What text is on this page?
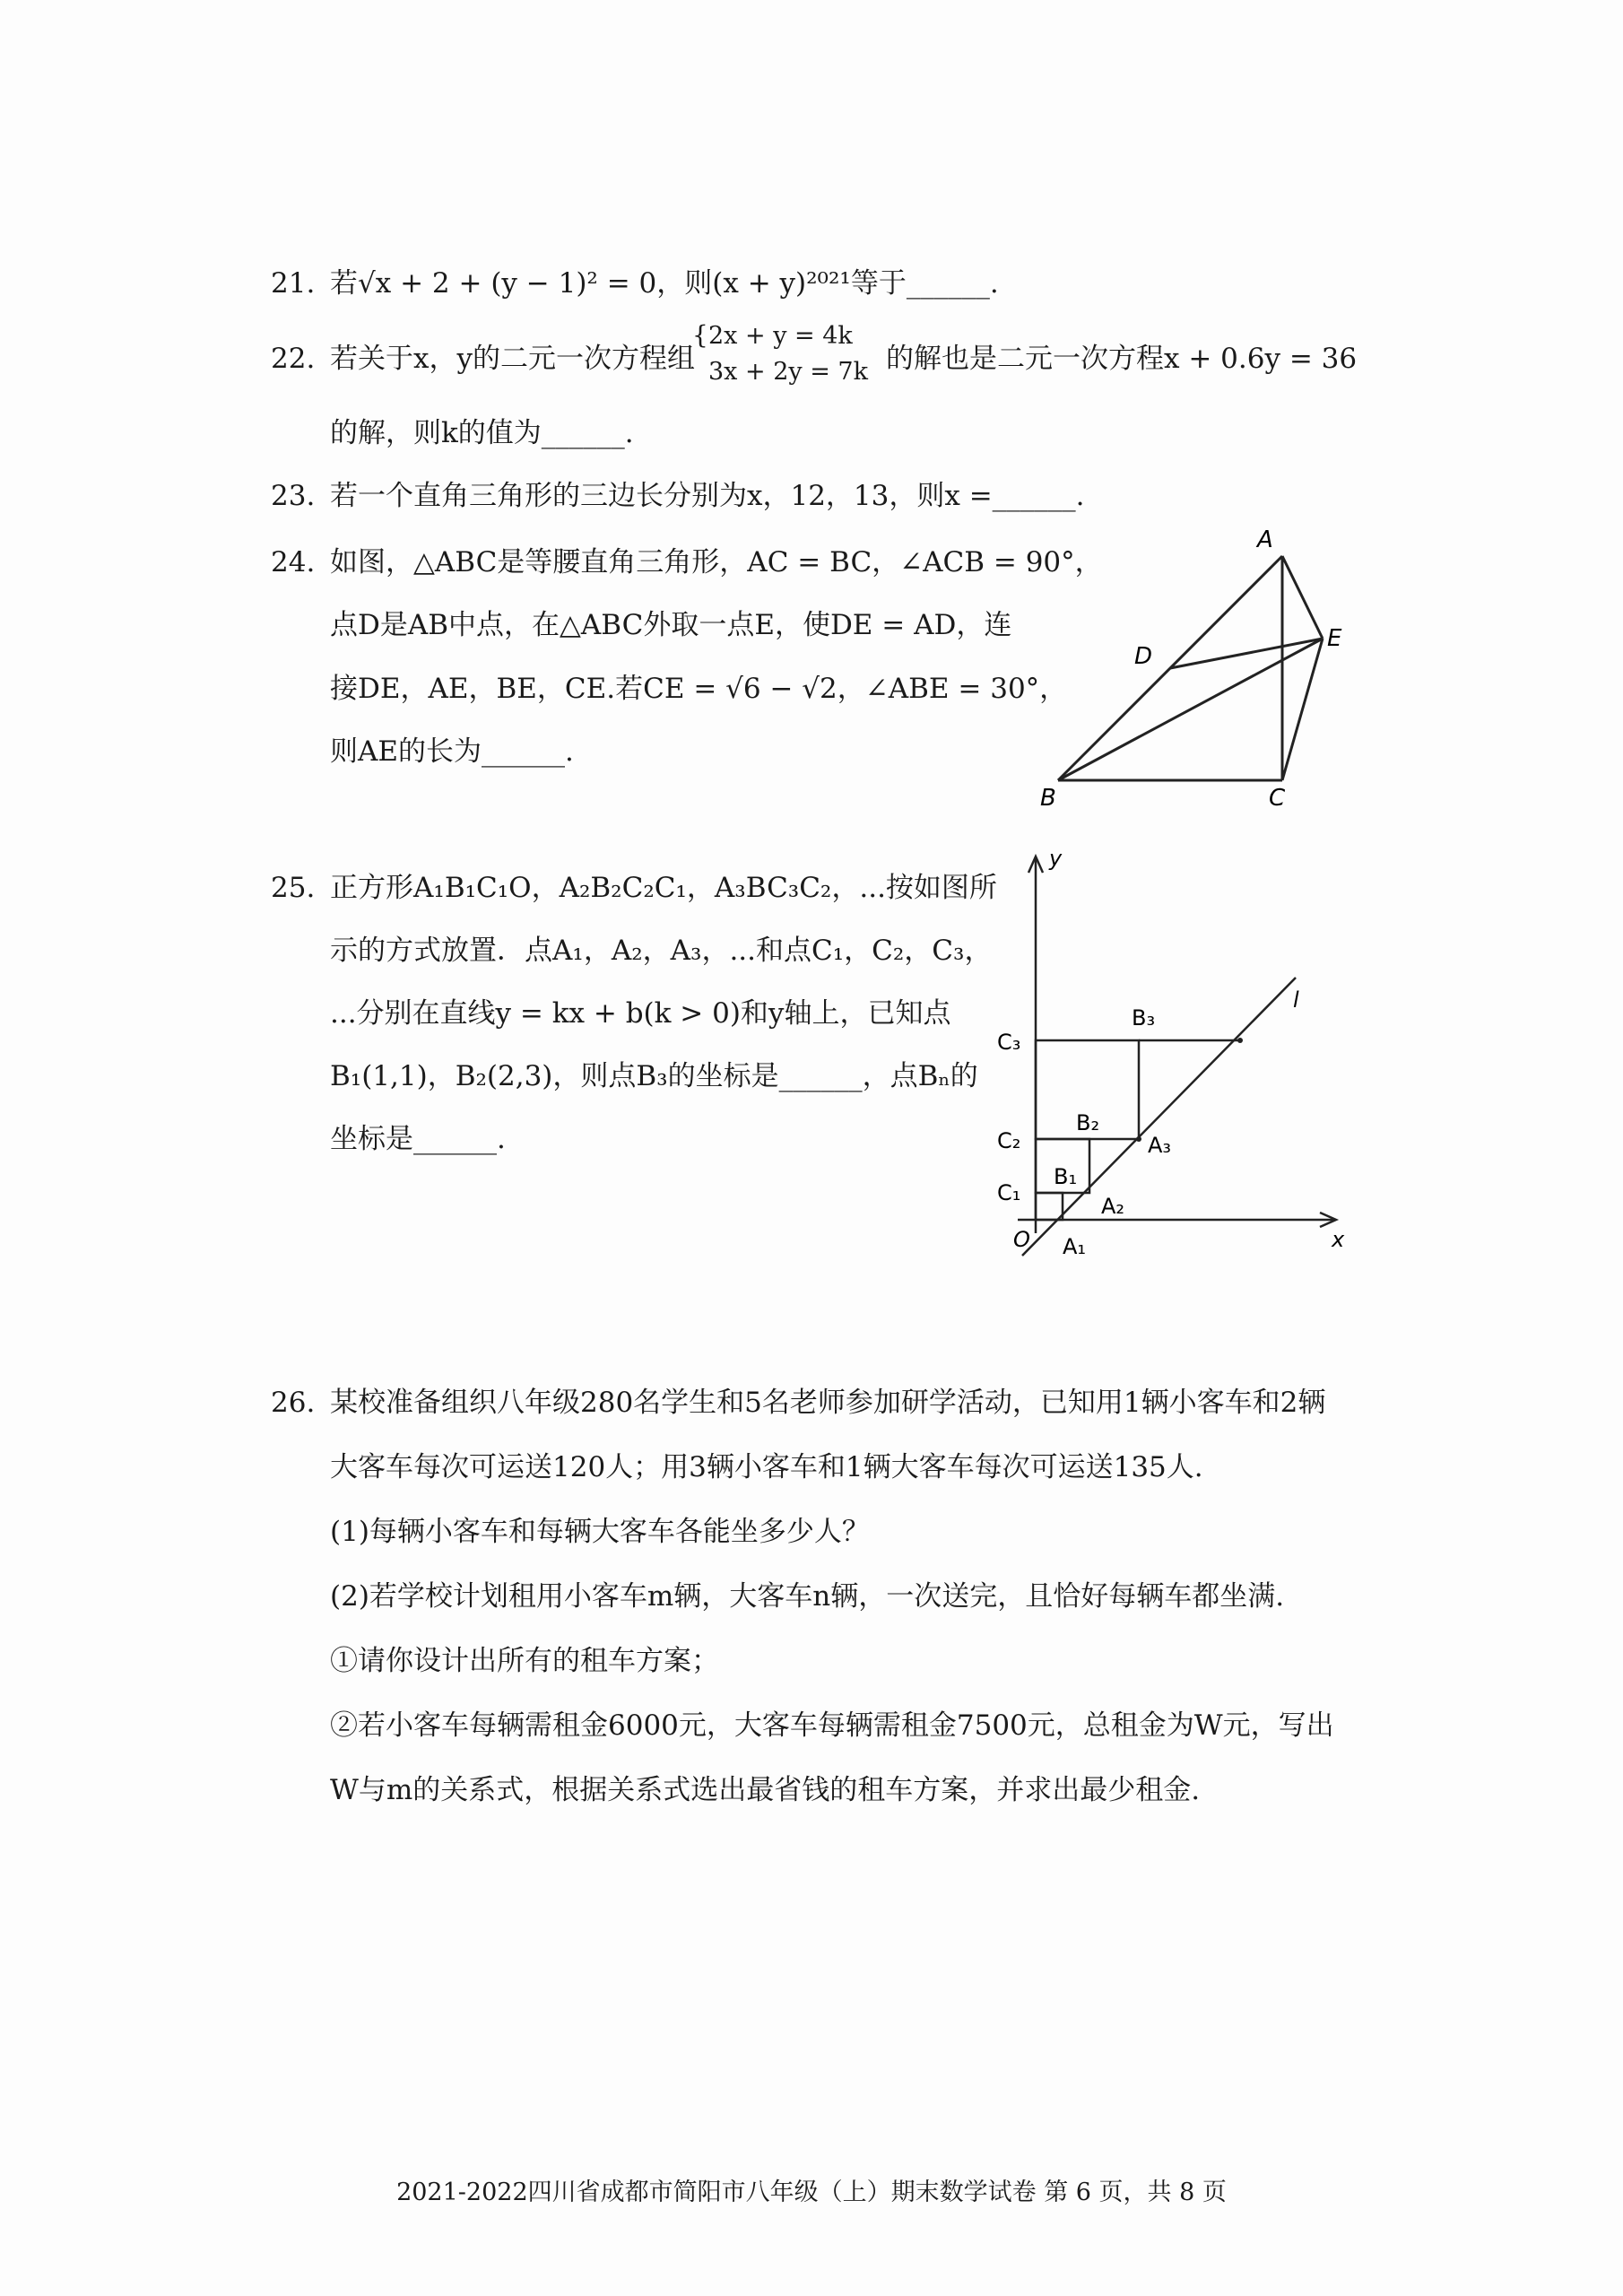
21. 若√x + 2 + (y − 1)² = 0，则(x + y)²⁰²¹等于______.
22. 若关于x，y的二元一次方程组
{ 2x + y = 4k
3x + 2y = 7k 的解也是二元一次方程x + 0.6y = 36
的解，则k的值为______.
23. 若一个直角三角形的三边长分别为x，12，13，则x =______.
24. 如图，△ABC是等腰直角三角形，AC = BC，∠ACB = 90°，
点D是AB中点，在△ABC外取一点E，使DE = AD，连
接DE，AE，BE，CE.若CE = √6 − √2，∠ABE = 30°，
则AE的长为______.
A
B	C
D
E
25. 正方形A₁B₁C₁O，A₂B₂C₂C₁，A₃BC₃C₂，...按如图所
示的方式放置．点A₁，A₂，A₃，...和点C₁，C₂，C₃，
...分别在直线y = kx + b(k > 0)和y轴上，已知点
B₁(1,1)，B₂(2,3)，则点B₃的坐标是______，点Bₙ的
坐标是______.
y
x
l
O
C₁
C₂
C₃
B₁
B₂
B₃
A₁
A₂
A₃
26. 某校准备组织八年级280名学生和5名老师参加研学活动，已知用1辆小客车和2辆
大客车每次可运送120人；用3辆小客车和1辆大客车每次可运送135人.
(1)每辆小客车和每辆大客车各能坐多少人？
(2)若学校计划租用小客车m辆，大客车n辆，一次送完，且恰好每辆车都坐满.
①请你设计出所有的租车方案；
②若小客车每辆需租金6000元，大客车每辆需租金7500元，总租金为W元，写出
W与m的关系式，根据关系式选出最省钱的租车方案，并求出最少租金.
2021-2022四川省成都市简阳市八年级（上）期末数学试卷 第 6 页，共 8 页
